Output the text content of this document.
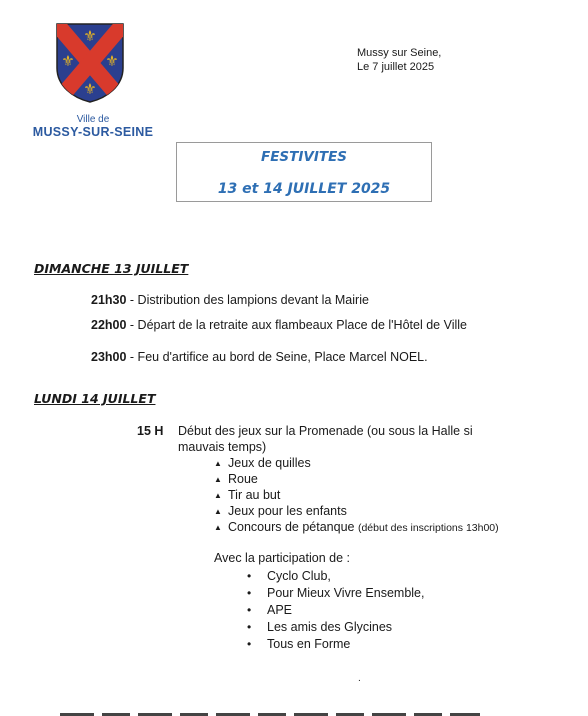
⚜
⚜ ⚜
⚜
Ville de
MUSSY-SUR-SEINE
Mussy sur Seine,
Le 7 juillet 2025
FESTIVITES
13 et 14 JUILLET 2025
DIMANCHE 13 JUILLET
21h30 - Distribution des lampions devant la Mairie
22h00 - Départ de la retraite aux flambeaux Place de l'Hôtel de Ville
23h00 - Feu d'artifice au bord de Seine, Place Marcel NOEL.
LUNDI 14 JUILLET
15 H Début des jeux sur la Promenade (ou sous la Halle si
mauvais temps)
▲ Jeux de quilles
▲ Roue
▲ Tir au but
▲ Jeux pour les enfants
▲ Concours de pétanque (début des inscriptions 13h00)
Avec la participation de :
• Cyclo Club,
• Pour Mieux Vivre Ensemble,
• APE
• Les amis des Glycines
• Tous en Forme
.
